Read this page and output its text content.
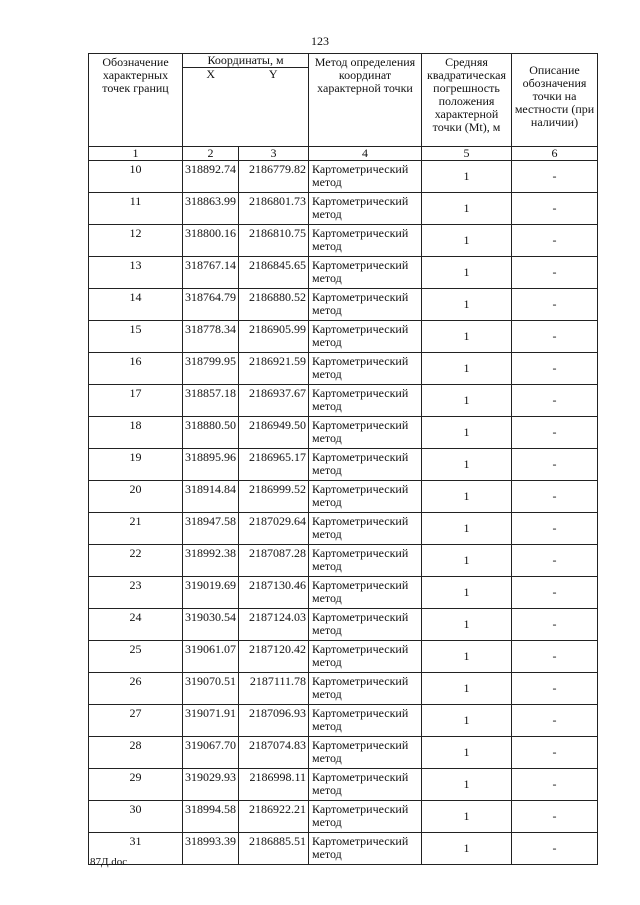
123
Обозначение характерных точек границ	Координаты, м		Метод определения координат характерной точки	Средняя квадратическая погрешность положения характерной точки (Mt), м	Описание обозначения точки на местности (при наличии)
	X	Y			
1	2	3	4	5	6
10	318892.74	2186779.82	Картометрический метод	1	-
11	318863.99	2186801.73	Картометрический метод	1	-
12	318800.16	2186810.75	Картометрический метод	1	-
13	318767.14	2186845.65	Картометрический метод	1	-
14	318764.79	2186880.52	Картометрический метод	1	-
15	318778.34	2186905.99	Картометрический метод	1	-
16	318799.95	2186921.59	Картометрический метод	1	-
17	318857.18	2186937.67	Картометрический метод	1	-
18	318880.50	2186949.50	Картометрический метод	1	-
19	318895.96	2186965.17	Картометрический метод	1	-
20	318914.84	2186999.52	Картометрический метод	1	-
21	318947.58	2187029.64	Картометрический метод	1	-
22	318992.38	2187087.28	Картометрический метод	1	-
23	319019.69	2187130.46	Картометрический метод	1	-
24	319030.54	2187124.03	Картометрический метод	1	-
25	319061.07	2187120.42	Картометрический метод	1	-
26	319070.51	2187111.78	Картометрический метод	1	-
27	319071.91	2187096.93	Картометрический метод	1	-
28	319067.70	2187074.83	Картометрический метод	1	-
29	319029.93	2186998.11	Картометрический метод	1	-
30	318994.58	2186922.21	Картометрический метод	1	-
31	318993.39	2186885.51	Картометрический метод	1	-
87Д.doc
